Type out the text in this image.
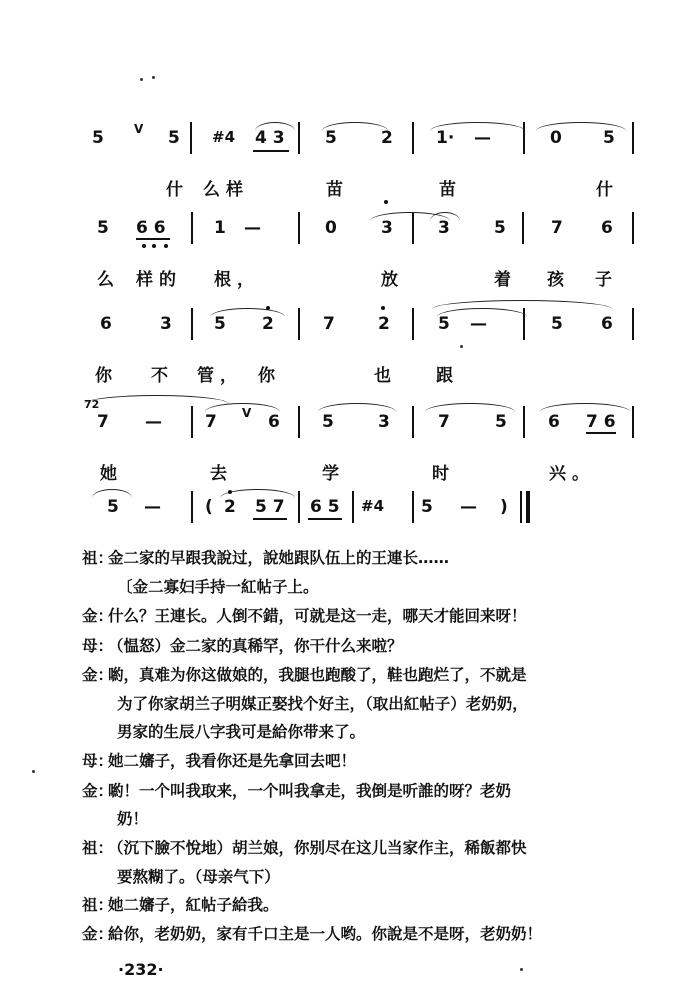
5	V 5 #4 4 3 5	2	1· —	0 5
什 么样	苗	苗	什
5 6 6	1 —	0	3	3	5	7 6
么 样的 根，	放	着 孩 子
6	3 5 2	7	2	5 —	5 6
你 不 管， 你	也 跟
7 —	7 V 6 5	3	7	5 6 7 6
她	去	学	时	兴。
5 —	( 2 5 7 6 5 #4 5 — )
72
祖：金二家的早跟我說过，說她跟队伍上的王連长……
〔金二寡妇手持一紅帖子上。
金：什么？王連长。人倒不錯，可就是这一走，哪天才能回来呀！
母：（愠怒）金二家的真稀罕，你干什么来啦？
金：喲，真难为你这做娘的，我腿也跑酸了，鞋也跑烂了，不就是
为了你家胡兰子明媒正娶找个好主，（取出紅帖子）老奶奶，
男家的生辰八字我可是給你带来了。
母：她二嬸子，我看你还是先拿回去吧！
金：喲！一个叫我取来，一个叫我拿走，我倒是听誰的呀？老奶
奶！
祖：（沉下臉不悅地）胡兰娘，你别尽在这儿当家作主，稀飯都快
要熬糊了。（母亲气下）
祖：她二嬸子，紅帖子給我。
金：給你，老奶奶，家有千口主是一人哟。你說是不是呀，老奶奶！
·232·
